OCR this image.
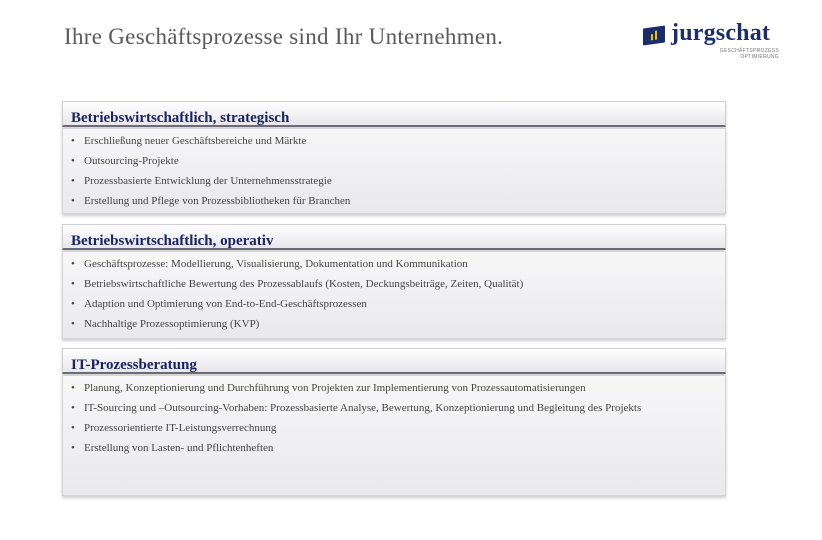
Ihre Geschäftsprozesse sind Ihr Unternehmen.	jurgschat
GESCHÄFTSPROZESS
OPTIMIERUNG
Betriebswirtschaftlich, strategisch
• Erschließung neuer Geschäftsbereiche und Märkte
• Outsourcing-Projekte
• Prozessbasierte Entwicklung der Unternehmensstrategie
• Erstellung und Pflege von Prozessbibliotheken für Branchen
Betriebswirtschaftlich, operativ
• Geschäftsprozesse: Modellierung, Visualisierung, Dokumentation und Kommunikation
• Betriebswirtschaftliche Bewertung des Prozessablaufs (Kosten, Deckungsbeiträge, Zeiten, Qualität)
• Adaption und Optimierung von End-to-End-Geschäftsprozessen
• Nachhaltige Prozessoptimierung (KVP)
IT-Prozessberatung
• Planung, Konzeptionierung und Durchführung von Projekten zur Implementierung von Prozessautomatisierungen
• IT-Sourcing und –Outsourcing-Vorhaben: Prozessbasierte Analyse, Bewertung, Konzeptionierung und Begleitung des Projekts
• Prozessorientierte IT-Leistungsverrechnung
• Erstellung von Lasten- und Pflichtenheften
